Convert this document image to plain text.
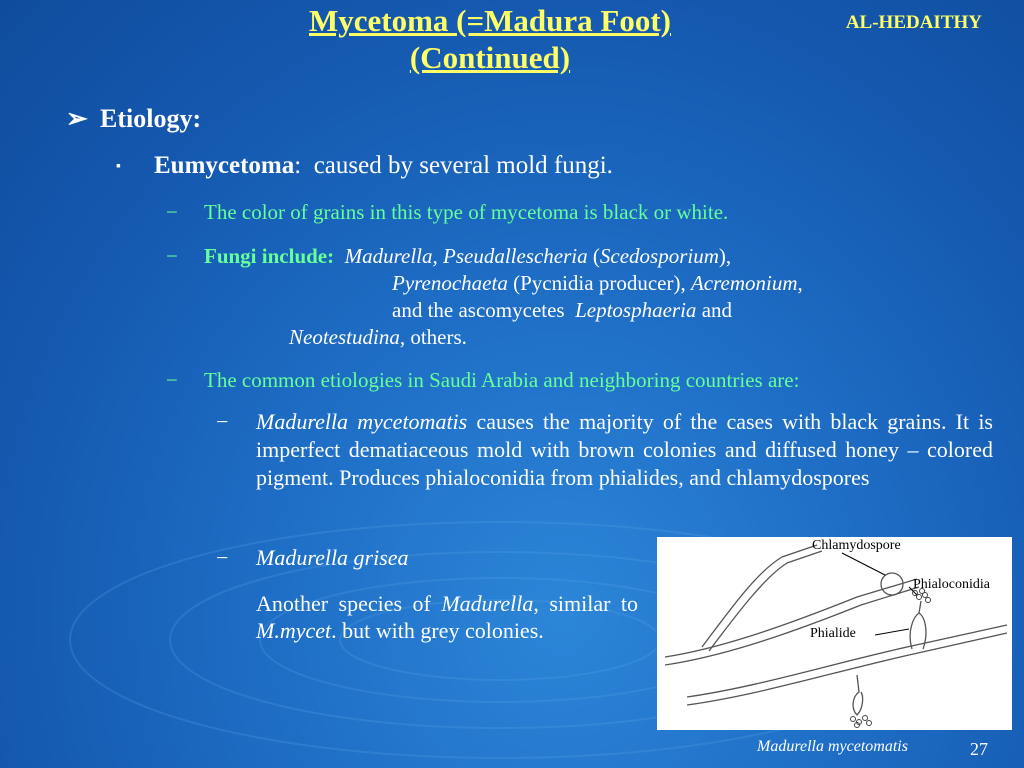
Mycetoma (=Madura Foot)
(Continued)
AL-HEDAITHY
➢ Etiology:
▪ Eumycetoma: caused by several mold fungi.
− The color of grains in this type of mycetoma is black or white.
− Fungi include: Madurella, Pseudallescheria (Scedosporium),
Pyrenochaeta (Pycnidia producer), Acremonium,
and the ascomycetes  Leptosphaeria and
Neotestudina, others.
− The common etiologies in Saudi Arabia and neighboring countries are:
− Madurella mycetomatis causes the majority of the cases with black grains. It is imperfect dematiaceous mold with brown colonies and diffused honey – colored pigment. Produces phialoconidia from phialides, and chlamydospores
− Madurella grisea
Another species of Madurella, similar to M.mycet. but with grey colonies.
Chlamydospore
Phialoconidia
Phialide
Madurella mycetomatis	27
